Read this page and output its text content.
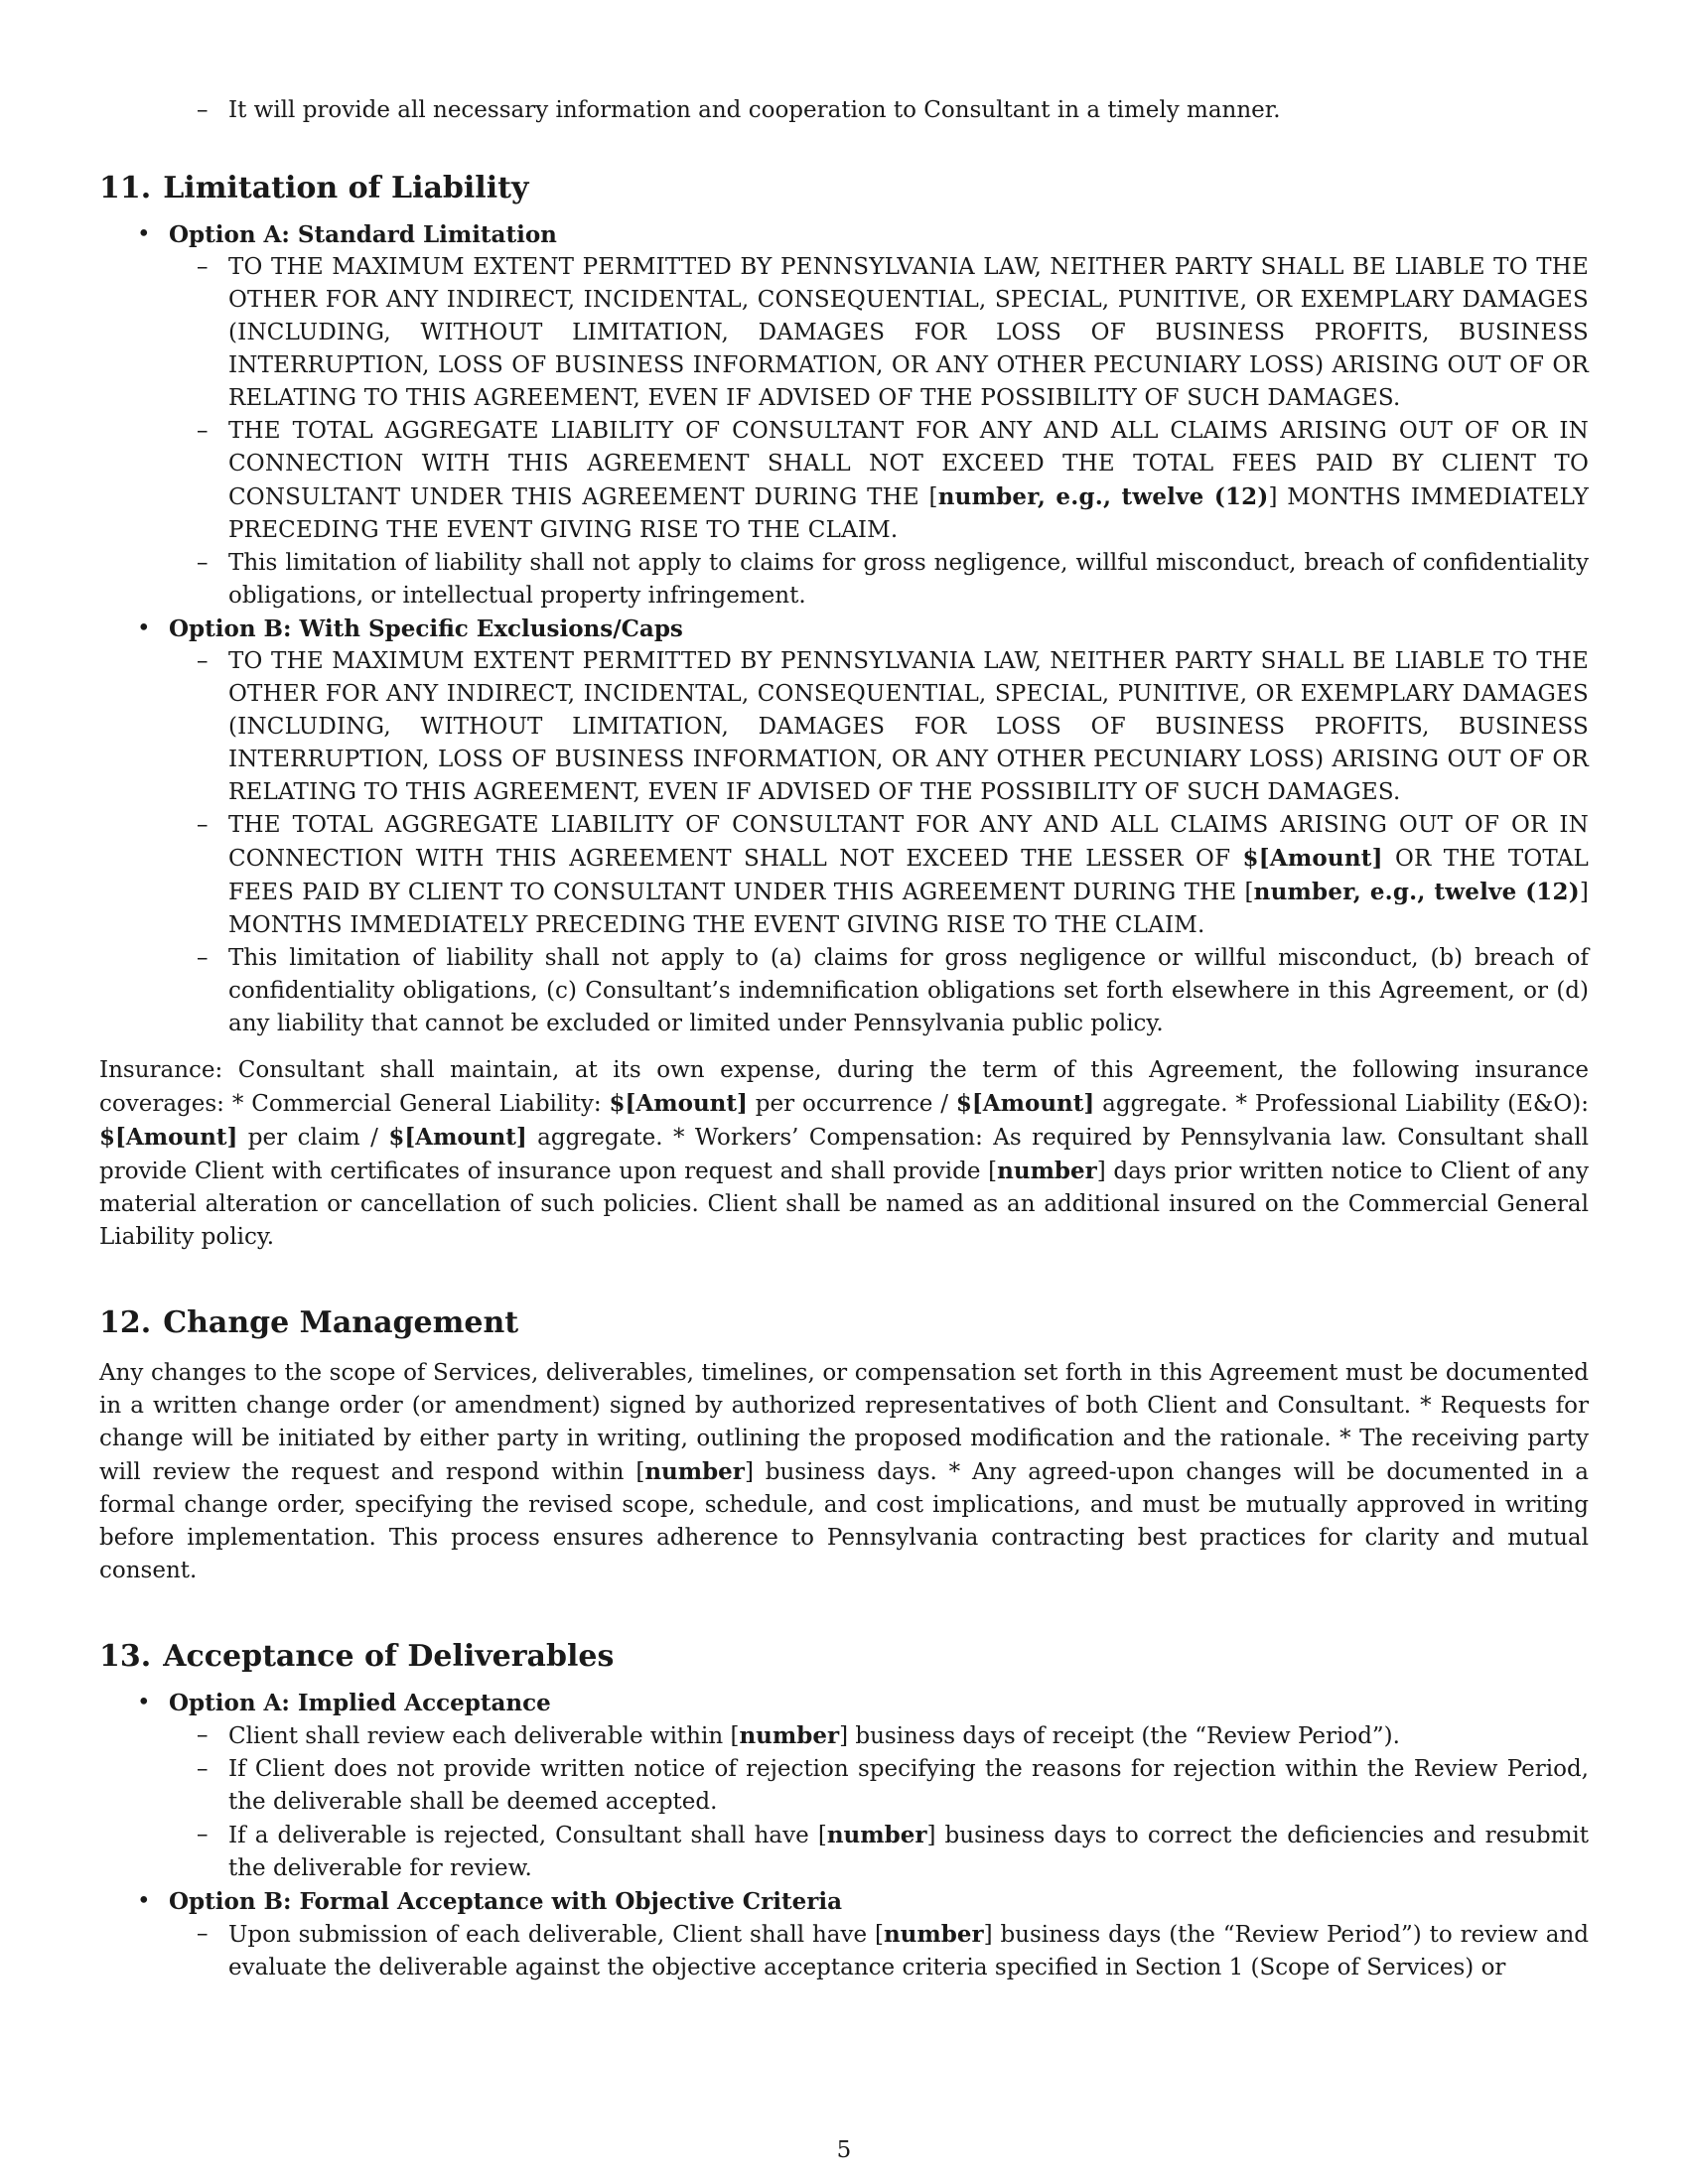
– It will provide all necessary information and cooperation to Consultant in a timely manner.
11. Limitation of Liability
• Option A: Standard Limitation
– TO THE MAXIMUM EXTENT PERMITTED BY PENNSYLVANIA LAW, NEITHER PARTY SHALL BE LIABLE TO THE OTHER FOR ANY INDIRECT, INCIDENTAL, CONSEQUENTIAL, SPECIAL, PUNITIVE, OR EXEMPLARY DAMAGES (INCLUDING, WITHOUT LIMITATION, DAMAGES FOR LOSS OF BUSINESS PROFITS, BUSINESS INTERRUPTION, LOSS OF BUSINESS INFORMATION, OR ANY OTHER PECUNIARY LOSS) ARISING OUT OF OR RELATING TO THIS AGREEMENT, EVEN IF ADVISED OF THE POSSIBILITY OF SUCH DAMAGES.
– THE TOTAL AGGREGATE LIABILITY OF CONSULTANT FOR ANY AND ALL CLAIMS ARISING OUT OF OR IN CONNECTION WITH THIS AGREEMENT SHALL NOT EXCEED THE TOTAL FEES PAID BY CLIENT TO CONSULTANT UNDER THIS AGREEMENT DURING THE [number, e.g., twelve (12)] MONTHS IMMEDIATELY PRECEDING THE EVENT GIVING RISE TO THE CLAIM.
– This limitation of liability shall not apply to claims for gross negligence, willful misconduct, breach of confidentiality obligations, or intellectual property infringement.
• Option B: With Specific Exclusions/Caps
– TO THE MAXIMUM EXTENT PERMITTED BY PENNSYLVANIA LAW, NEITHER PARTY SHALL BE LIABLE TO THE OTHER FOR ANY INDIRECT, INCIDENTAL, CONSEQUENTIAL, SPECIAL, PUNITIVE, OR EXEMPLARY DAMAGES (INCLUDING, WITHOUT LIMITATION, DAMAGES FOR LOSS OF BUSINESS PROFITS, BUSINESS INTERRUPTION, LOSS OF BUSINESS INFORMATION, OR ANY OTHER PECUNIARY LOSS) ARISING OUT OF OR RELATING TO THIS AGREEMENT, EVEN IF ADVISED OF THE POSSIBILITY OF SUCH DAMAGES.
– THE TOTAL AGGREGATE LIABILITY OF CONSULTANT FOR ANY AND ALL CLAIMS ARISING OUT OF OR IN CONNECTION WITH THIS AGREEMENT SHALL NOT EXCEED THE LESSER OF $[Amount] OR THE TOTAL FEES PAID BY CLIENT TO CONSULTANT UNDER THIS AGREEMENT DURING THE [number, e.g., twelve (12)] MONTHS IMMEDIATELY PRECEDING THE EVENT GIVING RISE TO THE CLAIM.
– This limitation of liability shall not apply to (a) claims for gross negligence or willful misconduct, (b) breach of confidentiality obligations, (c) Consultant’s indemnification obligations set forth elsewhere in this Agreement, or (d) any liability that cannot be excluded or limited under Pennsylvania public policy.

Insurance: Consultant shall maintain, at its own expense, during the term of this Agreement, the following insurance coverages: * Commercial General Liability: $[Amount] per occurrence / $[Amount] aggregate. * Professional Liability (E&O): $[Amount] per claim / $[Amount] aggregate. * Workers’ Compensation: As required by Pennsylvania law. Consultant shall provide Client with certificates of insurance upon request and shall provide [number] days prior written notice to Client of any material alteration or cancellation of such policies. Client shall be named as an additional insured on the Commercial General Liability policy.

12. Change Management

Any changes to the scope of Services, deliverables, timelines, or compensation set forth in this Agreement must be documented in a written change order (or amendment) signed by authorized representatives of both Client and Consultant. * Requests for change will be initiated by either party in writing, outlining the proposed modification and the rationale. * The receiving party will review the request and respond within [number] business days. * Any agreed-upon changes will be documented in a formal change order, specifying the revised scope, schedule, and cost implications, and must be mutually approved in writing before implementation. This process ensures adherence to Pennsylvania contracting best practices for clarity and mutual consent.

13. Acceptance of Deliverables
• Option A: Implied Acceptance
– Client shall review each deliverable within [number] business days of receipt (the “Review Period”).
– If Client does not provide written notice of rejection specifying the reasons for rejection within the Review Period, the deliverable shall be deemed accepted.
– If a deliverable is rejected, Consultant shall have [number] business days to correct the deficiencies and resubmit the deliverable for review.
• Option B: Formal Acceptance with Objective Criteria
– Upon submission of each deliverable, Client shall have [number] business days (the “Review Period”) to review and evaluate the deliverable against the objective acceptance criteria specified in Section 1 (Scope of Services) or
5
